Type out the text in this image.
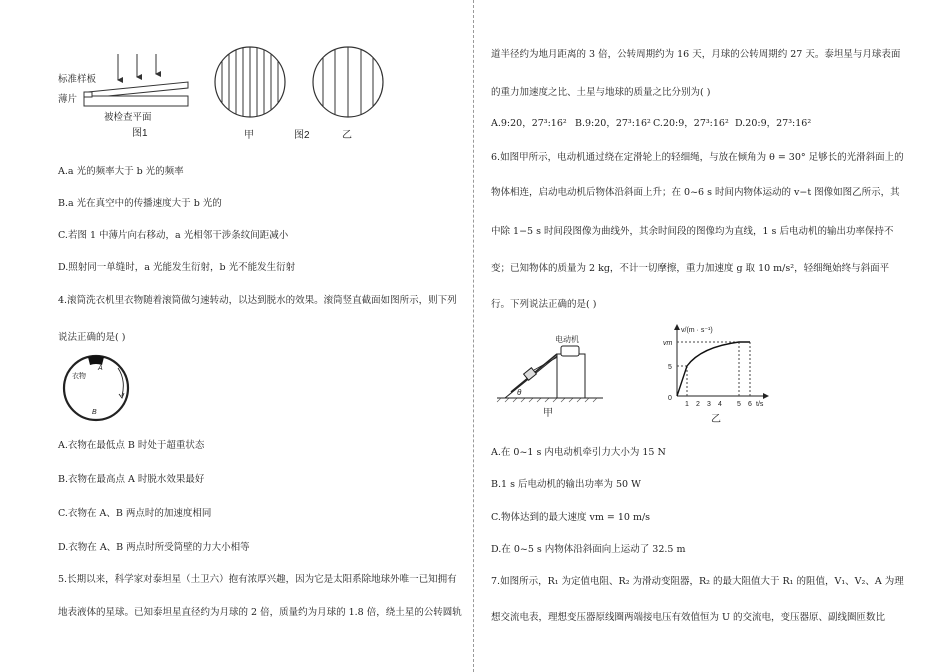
标准样板
薄片
被检查平面
图1	甲	图2	乙
A.a 光的频率大于 b 光的频率
B.a 光在真空中的传播速度大于 b 光的
C.若图 1 中薄片向右移动，a 光相邻干涉条纹间距减小
D.照射同一单缝时，a 光能发生衍射，b 光不能发生衍射
4.滚筒洗衣机里衣物随着滚筒做匀速转动，以达到脱水的效果。滚筒竖直截面如图所示，则下列
说法正确的是( )
A
衣物
B
A.衣物在最低点 B 时处于超重状态
B.衣物在最高点 A 时脱水效果最好
C.衣物在 A、B 两点时的加速度相同
D.衣物在 A、B 两点时所受筒壁的力大小相等
5.长期以来，科学家对泰坦星（土卫六）抱有浓厚兴趣，因为它是太阳系除地球外唯一已知拥有
地表液体的星球。已知泰坦星直径约为月球的 2 倍，质量约为月球的 1.8 倍，绕土星的公转圆轨
道半径约为地月距离的 3 倍，公转周期约为 16 天，月球的公转周期约 27 天。泰坦星与月球表面
的重力加速度之比、土星与地球的质量之比分别为( )
A.9:20，27³:16² B.9:20，27³:16² C.20:9，27³:16² D.20:9，27³:16²
6.如图甲所示，电动机通过绕在定滑轮上的轻细绳，与放在倾角为 θ = 30° 足够长的光滑斜面上的
物体相连，启动电动机后物体沿斜面上升；在 0~6 s 时间内物体运动的 v−t 图像如图乙所示，其
中除 1−5 s 时间段图像为曲线外，其余时间段的图像均为直线，1 s 后电动机的输出功率保持不
变；已知物体的质量为 2 kg，不计一切摩擦，重力加速度 g 取 10 m/s²，轻细绳始终与斜面平
行。下列说法正确的是( )
电动机
θ
甲
v/(m · s⁻¹)
vm
5
0
1 2 3 4 5 6 t/s
乙
A.在 0~1 s 内电动机牵引力大小为 15 N
B.1 s 后电动机的输出功率为 50 W
C.物体达到的最大速度 vm = 10 m/s
D.在 0~5 s 内物体沿斜面向上运动了 32.5 m
7.如图所示，R₁ 为定值电阻、R₂ 为滑动变阻器，R₂ 的最大阻值大于 R₁ 的阻值，V₁、V₂、A 为理
想交流电表，理想变压器原线圈两端接电压有效值恒为 U 的交流电，变压器原、副线圈匝数比
